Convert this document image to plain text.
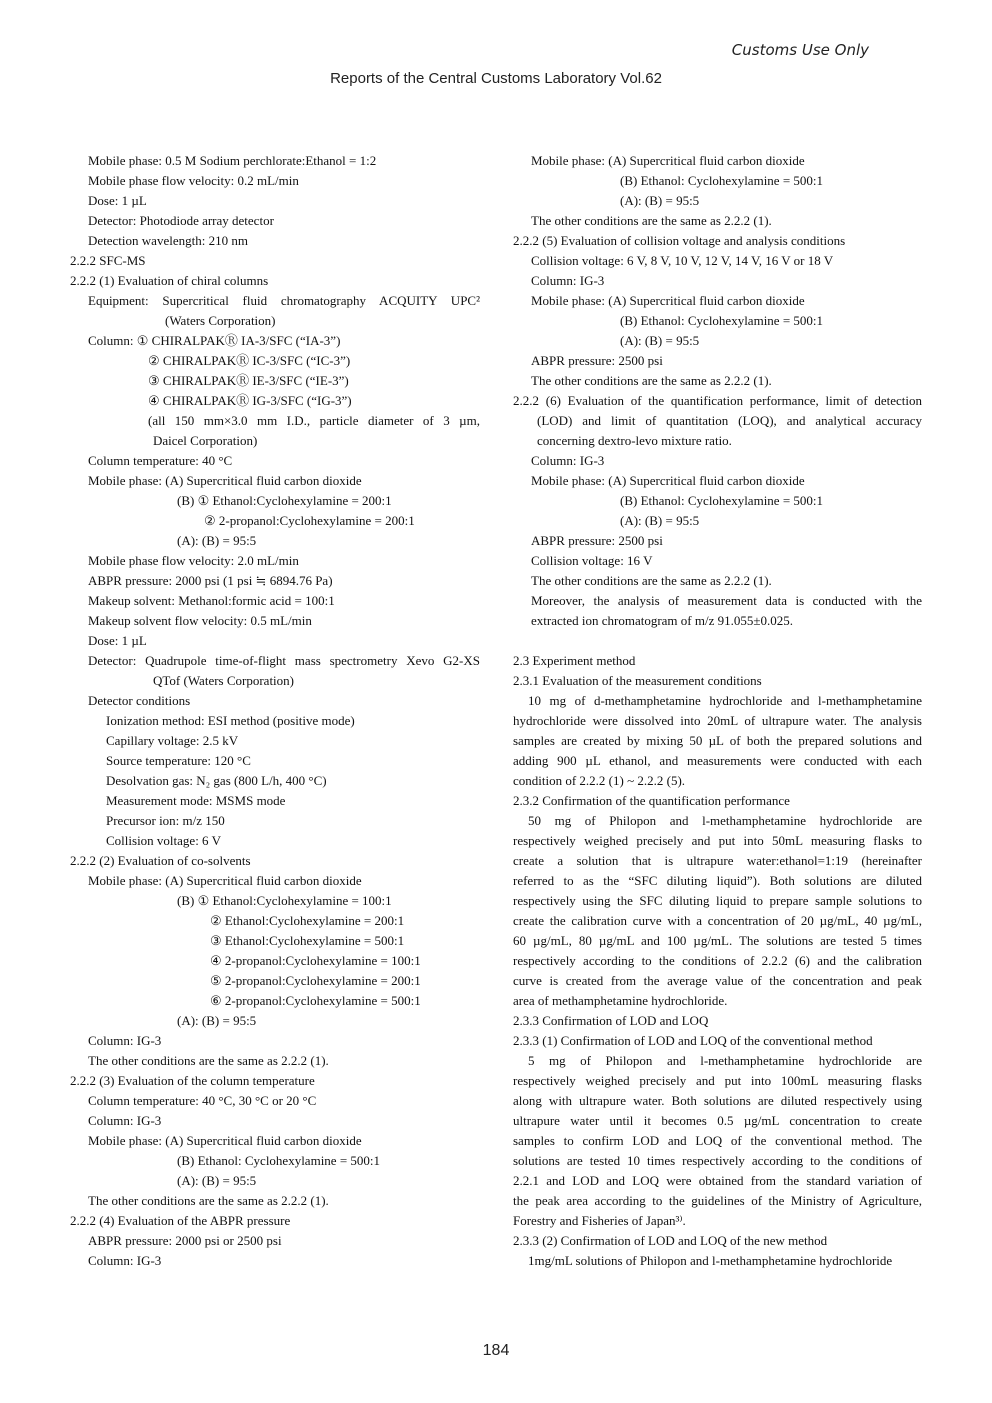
Customs Use Only
Reports of the Central Customs Laboratory Vol.62
Mobile phase: 0.5 M Sodium perchlorate:Ethanol = 1:2
Mobile phase flow velocity: 0.2 mL/min
Dose: 1 µL
Detector: Photodiode array detector
Detection wavelength: 210 nm
2.2.2 SFC-MS
2.2.2 (1) Evaluation of chiral columns
Equipment: Supercritical fluid chromatography ACQUITY UPC²
(Waters Corporation)
Column: ① CHIRALPAKⓇ IA-3/SFC (“IA-3”)
② CHIRALPAKⓇ IC-3/SFC (“IC-3”)
③ CHIRALPAKⓇ IE-3/SFC (“IE-3”)
④ CHIRALPAKⓇ IG-3/SFC (“IG-3”)
(all 150 mm×3.0 mm I.D., particle diameter of 3 µm,
Daicel Corporation)
Column temperature: 40 °C
Mobile phase: (A) Supercritical fluid carbon dioxide
(B) ① Ethanol:Cyclohexylamine = 200:1
② 2-propanol:Cyclohexylamine = 200:1
(A): (B) = 95:5
Mobile phase flow velocity: 2.0 mL/min
ABPR pressure: 2000 psi (1 psi ≒ 6894.76 Pa)
Makeup solvent: Methanol:formic acid = 100:1
Makeup solvent flow velocity: 0.5 mL/min
Dose: 1 µL
Detector: Quadrupole time-of-flight mass spectrometry Xevo G2-XS
QTof (Waters Corporation)
Detector conditions
Ionization method: ESI method (positive mode)
Capillary voltage: 2.5 kV
Source temperature: 120 °C
Desolvation gas: N₂ gas (800 L/h, 400 °C)
Measurement mode: MSMS mode
Precursor ion: m/z 150
Collision voltage: 6 V
2.2.2 (2) Evaluation of co-solvents
Mobile phase: (A) Supercritical fluid carbon dioxide
(B) ① Ethanol:Cyclohexylamine = 100:1
② Ethanol:Cyclohexylamine = 200:1
③ Ethanol:Cyclohexylamine = 500:1
④ 2-propanol:Cyclohexylamine = 100:1
⑤ 2-propanol:Cyclohexylamine = 200:1
⑥ 2-propanol:Cyclohexylamine = 500:1
(A): (B) = 95:5
Column: IG-3
The other conditions are the same as 2.2.2 (1).
2.2.2 (3) Evaluation of the column temperature
Column temperature: 40 °C, 30 °C or 20 °C
Column: IG-3
Mobile phase: (A) Supercritical fluid carbon dioxide
(B) Ethanol: Cyclohexylamine = 500:1
(A): (B) = 95:5
The other conditions are the same as 2.2.2 (1).
2.2.2 (4) Evaluation of the ABPR pressure
ABPR pressure: 2000 psi or 2500 psi
Column: IG-3
Mobile phase: (A) Supercritical fluid carbon dioxide
(B) Ethanol: Cyclohexylamine = 500:1
(A): (B) = 95:5
The other conditions are the same as 2.2.2 (1).
2.2.2 (5) Evaluation of collision voltage and analysis conditions
Collision voltage: 6 V, 8 V, 10 V, 12 V, 14 V, 16 V or 18 V
Column: IG-3
Mobile phase: (A) Supercritical fluid carbon dioxide
(B) Ethanol: Cyclohexylamine = 500:1
(A): (B) = 95:5
ABPR pressure: 2500 psi
The other conditions are the same as 2.2.2 (1).
2.2.2 (6) Evaluation of the quantification performance, limit of detection
(LOD) and limit of quantitation (LOQ), and analytical accuracy
concerning dextro-levo mixture ratio.
Column: IG-3
Mobile phase: (A) Supercritical fluid carbon dioxide
(B) Ethanol: Cyclohexylamine = 500:1
(A): (B) = 95:5
ABPR pressure: 2500 psi
Collision voltage: 16 V
The other conditions are the same as 2.2.2 (1).
Moreover, the analysis of measurement data is conducted with the
extracted ion chromatogram of m/z 91.055±0.025.
2.3 Experiment method
2.3.1 Evaluation of the measurement conditions
10 mg of d-methamphetamine hydrochloride and l-methamphetamine
hydrochloride were dissolved into 20mL of ultrapure water. The analysis
samples are created by mixing 50 µL of both the prepared solutions and
adding 900 µL ethanol, and measurements were conducted with each
condition of 2.2.2 (1) ~ 2.2.2 (5).
2.3.2 Confirmation of the quantification performance
50 mg of Philopon and l-methamphetamine hydrochloride are
respectively weighed precisely and put into 50mL measuring flasks to
create a solution that is ultrapure water:ethanol=1:19 (hereinafter
referred to as the “SFC diluting liquid”). Both solutions are diluted
respectively using the SFC diluting liquid to prepare sample solutions to
create the calibration curve with a concentration of 20 µg/mL, 40 µg/mL,
60 µg/mL, 80 µg/mL and 100 µg/mL. The solutions are tested 5 times
respectively according to the conditions of 2.2.2 (6) and the calibration
curve is created from the average value of the concentration and peak
area of methamphetamine hydrochloride.
2.3.3 Confirmation of LOD and LOQ
2.3.3 (1) Confirmation of LOD and LOQ of the conventional method
5 mg of Philopon and l-methamphetamine hydrochloride are
respectively weighed precisely and put into 100mL measuring flasks
along with ultrapure water. Both solutions are diluted respectively using
ultrapure water until it becomes 0.5 µg/mL concentration to create
samples to confirm LOD and LOQ of the conventional method. The
solutions are tested 10 times respectively according to the conditions of
2.2.1 and LOD and LOQ were obtained from the standard variation of
the peak area according to the guidelines of the Ministry of Agriculture,
Forestry and Fisheries of Japan³⁾.
2.3.3 (2) Confirmation of LOD and LOQ of the new method
1mg/mL solutions of Philopon and l-methamphetamine hydrochloride
184
